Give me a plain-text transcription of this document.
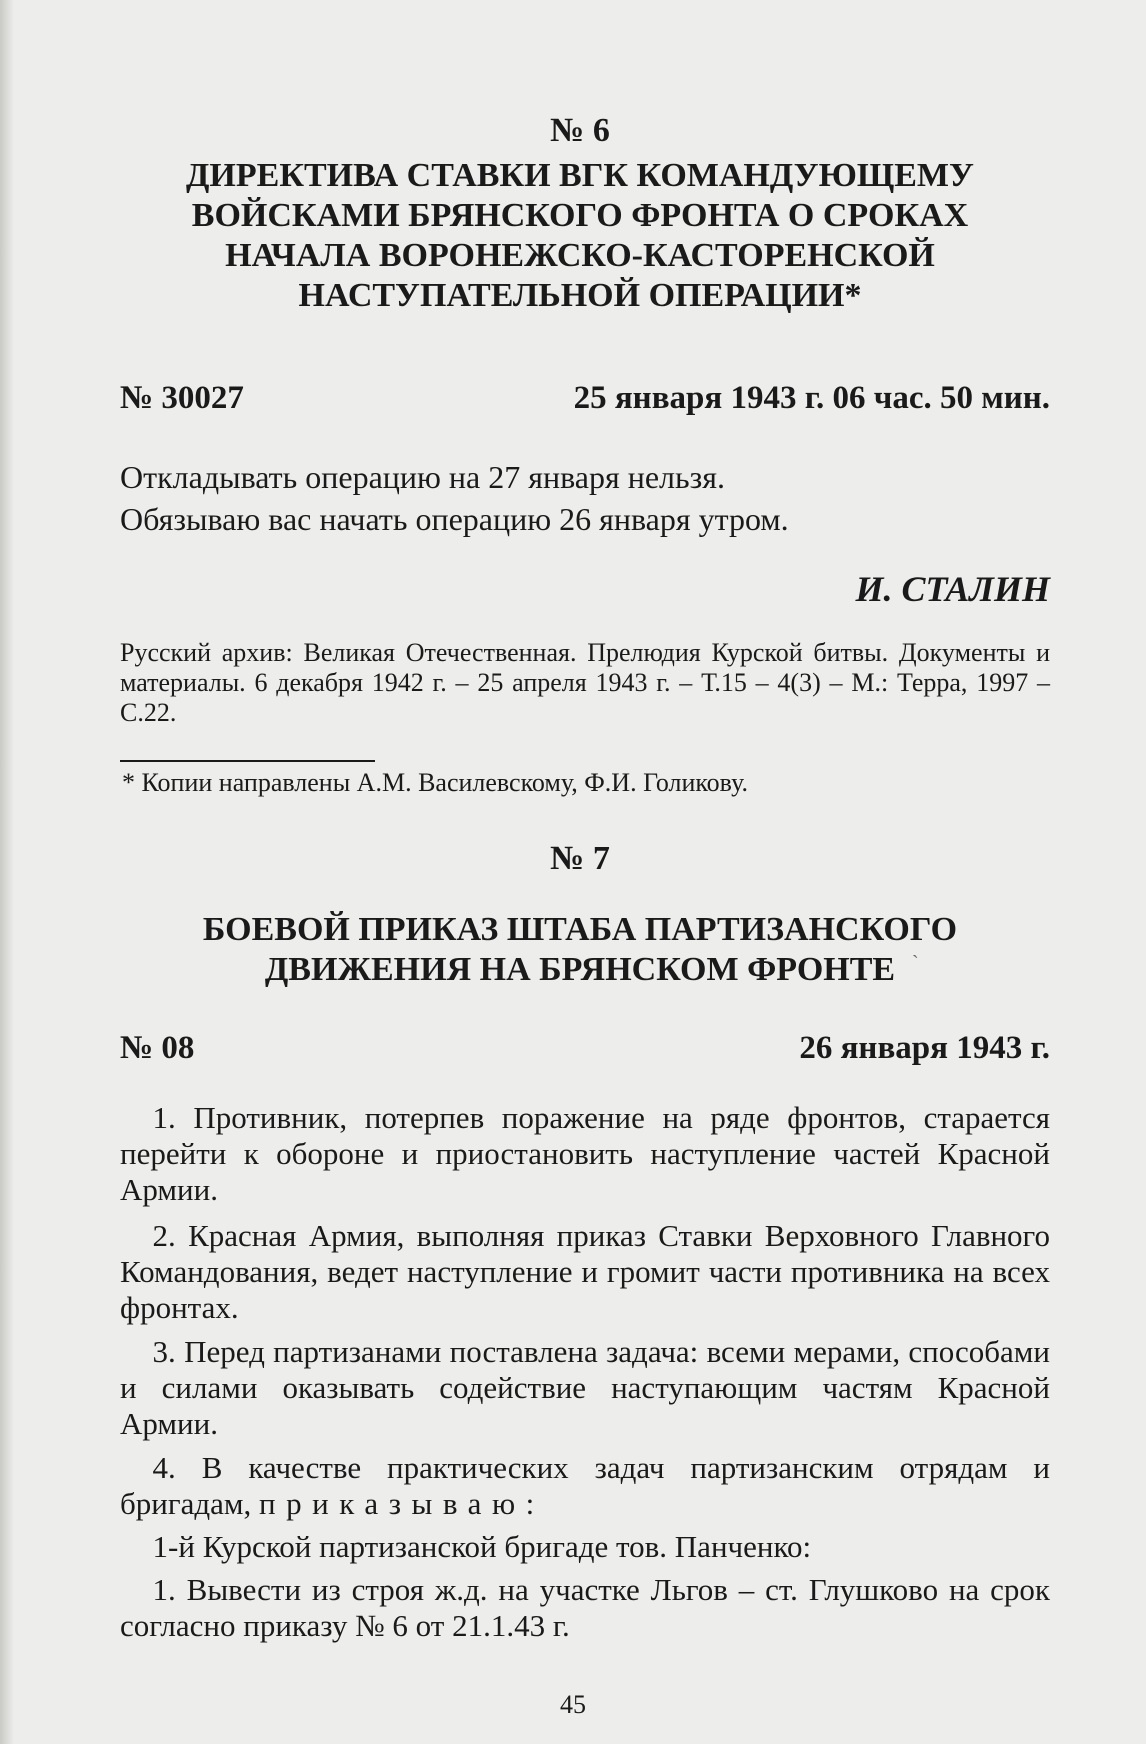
№ 6
ДИРЕКТИВА СТАВКИ ВГК КОМАНДУЮЩЕМУ
ВОЙСКАМИ БРЯНСКОГО ФРОНТА О СРОКАХ
НАЧАЛА ВОРОНЕЖСКО-КАСТОРЕНСКОЙ
НАСТУПАТЕЛЬНОЙ ОПЕРАЦИИ*
№ 30027	25 января 1943 г. 06 час. 50 мин.
Откладывать операцию на 27 января нельзя.
Обязываю вас начать операцию 26 января утром.
И. СТАЛИН
Русский архив: Великая Отечественная. Прелюдия Курской битвы. Документы и материалы. 6 декабря 1942 г. – 25 апреля 1943 г. – Т.15 – 4(3) – М.: Терра, 1997 – С.22.
* Копии направлены А.М. Василевскому, Ф.И. Голикову.
№ 7
БОЕВОЙ ПРИКАЗ ШТАБА ПАРТИЗАНСКОГО
ДВИЖЕНИЯ НА БРЯНСКОМ ФРОНТЕ `
№ 08	26 января 1943 г.
1. Противник, потерпев поражение на ряде фронтов, старается перейти к обороне и приостановить наступление частей Красной Армии.
2. Красная Армия, выполняя приказ Ставки Верховного Главного Командования, ведет наступление и громит части противника на всех фронтах.
3. Перед партизанами поставлена задача: всеми мерами, способами и силами оказывать содействие наступающим частям Красной Армии.
4. В качестве практических задач партизанским отрядам и бригадам, приказываю:
1-й Курской партизанской бригаде тов. Панченко:
1. Вывести из строя ж.д. на участке Льгов – ст. Глушково на срок согласно приказу № 6 от 21.1.43 г.
45
